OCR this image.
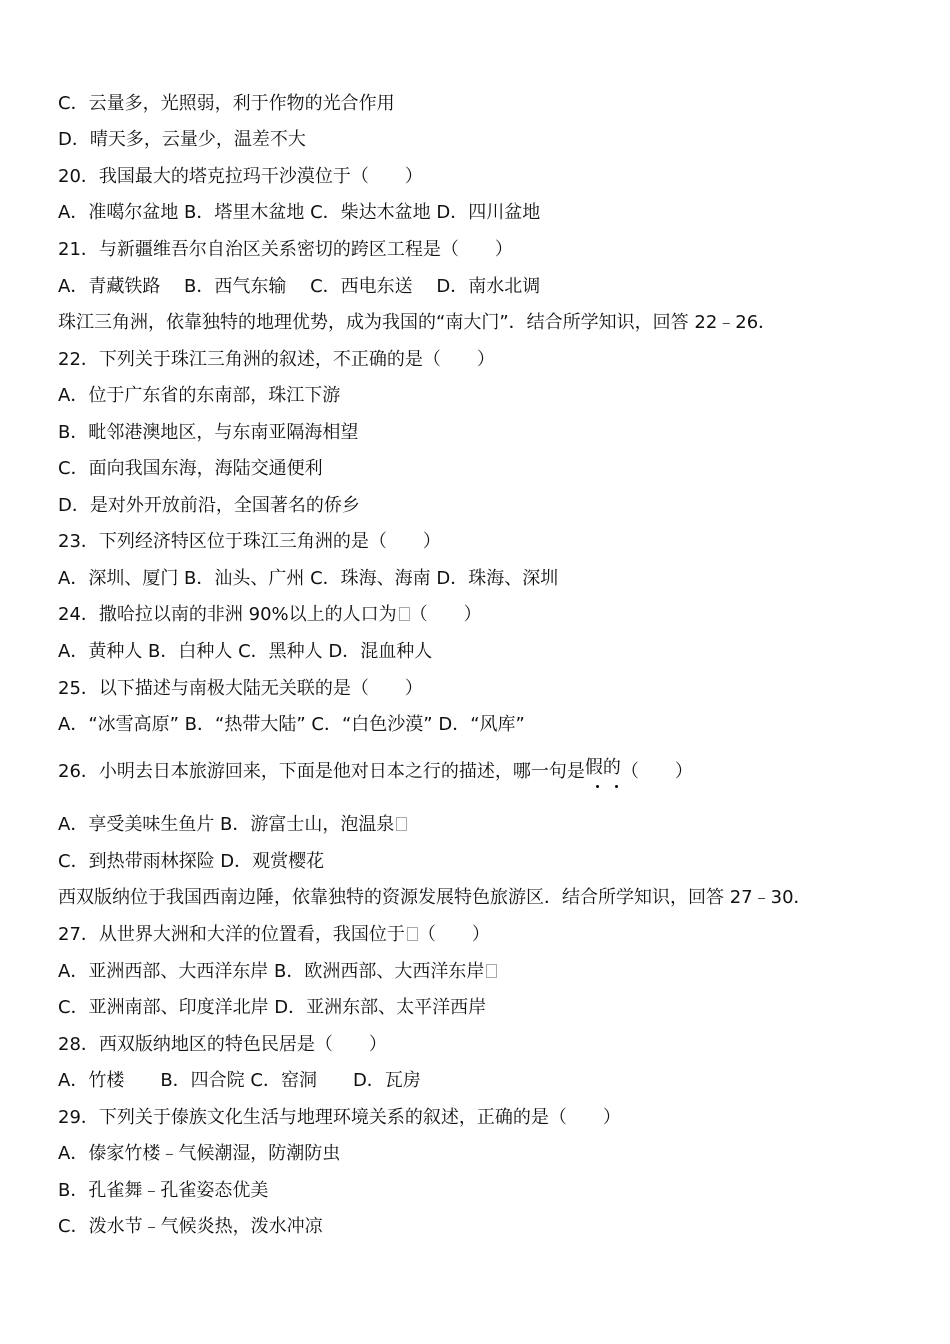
C．云量多，光照弱，利于作物的光合作用
D．晴天多，云量少，温差不大
20．我国最大的塔克拉玛干沙漠位于（　　）
A．准噶尔盆地 B．塔里木盆地 C．柴达木盆地 D．四川盆地
21．与新疆维吾尔自治区关系密切的跨区工程是（　　）
A．青藏铁路　 B．西气东输　 C．西电东送　 D．南水北调
珠江三角洲，依靠独特的地理优势，成为我国的“南大门”．结合所学知识，回答 22﹣26．
22．下列关于珠江三角洲的叙述，不正确的是（　　）
A．位于广东省的东南部，珠江下游
B．毗邻港澳地区，与东南亚隔海相望
C．面向我国东海，海陆交通便利
D．是对外开放前沿，全国著名的侨乡
23．下列经济特区位于珠江三角洲的是（　　）
A．深圳、厦门 B．汕头、广州 C．珠海、海南 D．珠海、深圳
24．撒哈拉以南的非洲 90%以上的人口为 （　　）
A．黄种人 B．白种人 C．黑种人 D．混血种人
25．以下描述与南极大陆无关联的是（　　）
A．“冰雪高原” B．“热带大陆” C．“白色沙漠” D．“风库”
26．小明去日本旅游回来，下面是他对日本之行的描述，哪一句是假的（　　）
A．享受美味生鱼片 B．游富士山，泡温泉
C．到热带雨林探险 D．观赏樱花
西双版纳位于我国西南边陲，依靠独特的资源发展特色旅游区．结合所学知识，回答 27﹣30．
27．从世界大洲和大洋的位置看，我国位于 （　　）
A．亚洲西部、大西洋东岸 B．欧洲西部、大西洋东岸
C．亚洲南部、印度洋北岸 D．亚洲东部、太平洋西岸
28．西双版纳地区的特色民居是（　　）
A．竹楼　　B．四合院 C．窑洞　　D．瓦房
29．下列关于傣族文化生活与地理环境关系的叙述，正确的是（　　）
A．傣家竹楼﹣气候潮湿，防潮防虫
B．孔雀舞﹣孔雀姿态优美
C．泼水节﹣气候炎热，泼水冲凉
